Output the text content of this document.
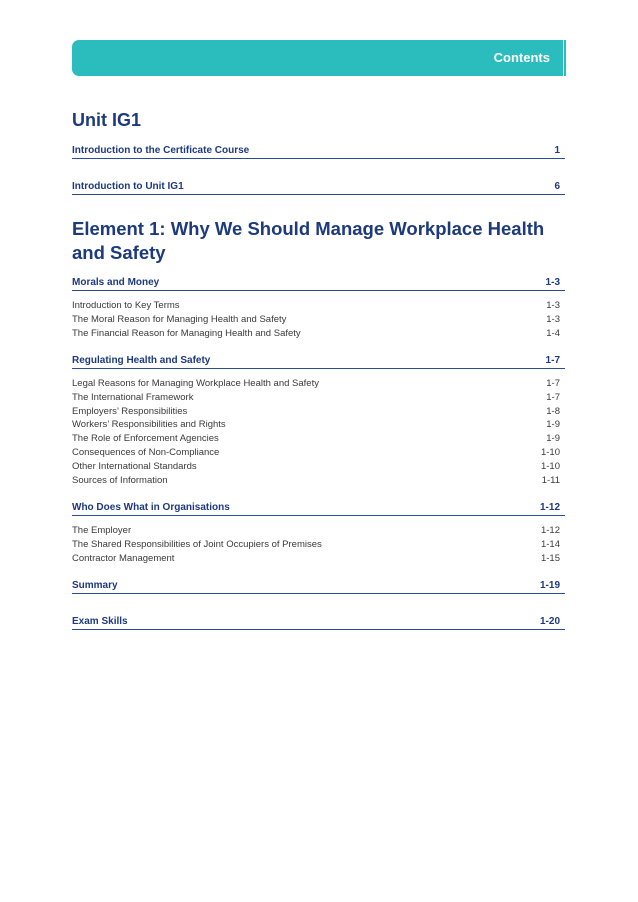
Contents
Unit IG1
Introduction to the Certificate Course	1
Introduction to Unit IG1	6
Element 1: Why We Should Manage Workplace Health and Safety
Morals and Money	1-3
Introduction to Key Terms	1-3
The Moral Reason for Managing Health and Safety	1-3
The Financial Reason for Managing Health and Safety	1-4
Regulating Health and Safety	1-7
Legal Reasons for Managing Workplace Health and Safety	1-7
The International Framework	1-7
Employers’ Responsibilities	1-8
Workers’ Responsibilities and Rights	1-9
The Role of Enforcement Agencies	1-9
Consequences of Non-Compliance	1-10
Other International Standards	1-10
Sources of Information	1-11
Who Does What in Organisations	1-12
The Employer	1-12
The Shared Responsibilities of Joint Occupiers of Premises	1-14
Contractor Management	1-15
Summary	1-19
Exam Skills	1-20
